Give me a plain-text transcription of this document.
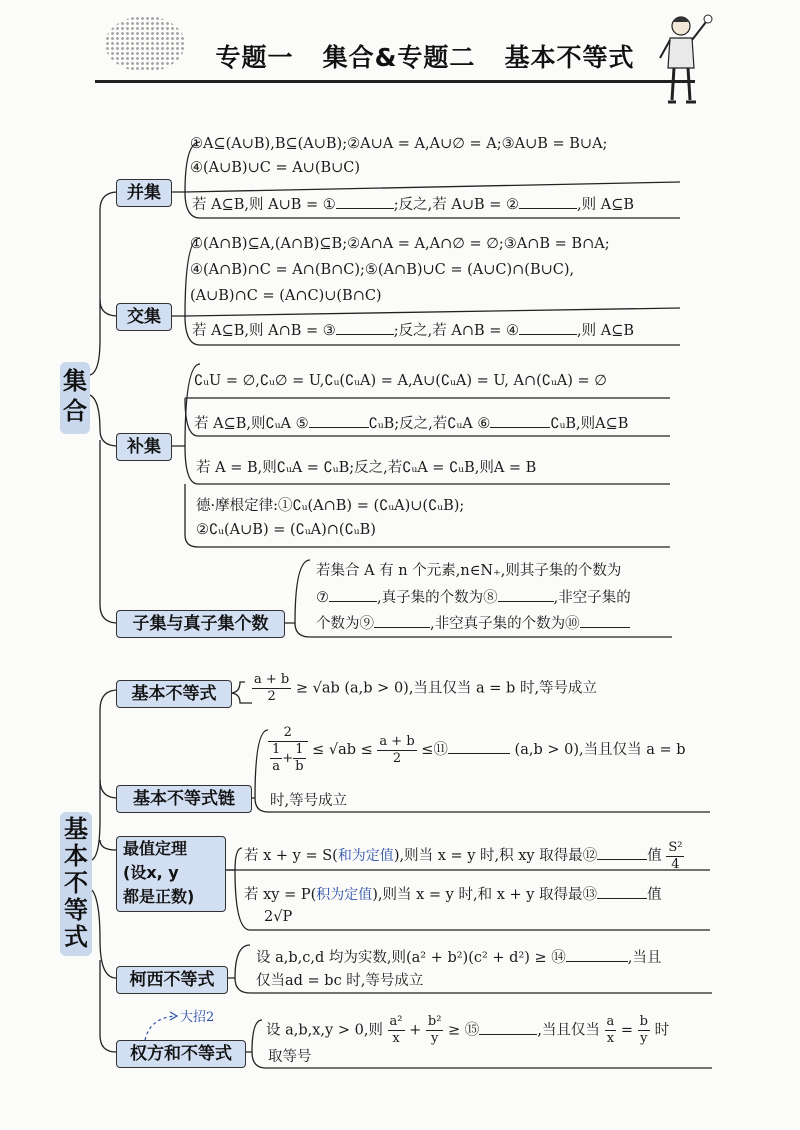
专题一   集合&专题二   基本不等式
集合
并集
①A⊆(A∪B),B⊆(A∪B);②A∪A = A,A∪∅ = A;③A∪B = B∪A;
④(A∪B)∪C = A∪(B∪C)
若 A⊆B,则 A∪B = ①	;反之,若 A∪B = ②	,则 A⊆B
交集
①(A∩B)⊆A,(A∩B)⊆B;②A∩A = A,A∩∅ = ∅;③A∩B = B∩A;
④(A∩B)∩C = A∩(B∩C);⑤(A∩B)∪C = (A∪C)∩(B∪C),
(A∪B)∩C = (A∩C)∪(B∩C)
若 A⊆B,则 A∩B = ③	;反之,若 A∩B = ④	,则 A⊆B
补集
∁ᵤU = ∅,∁ᵤ∅ = U,∁ᵤ(∁ᵤA) = A,A∪(∁ᵤA) = U, A∩(∁ᵤA) = ∅
若 A⊆B,则∁ᵤA ⑤	∁ᵤB;反之,若∁ᵤA ⑥	∁ᵤB,则A⊆B
若 A = B,则∁ᵤA = ∁ᵤB;反之,若∁ᵤA = ∁ᵤB,则A = B
德·摩根定律:①∁ᵤ(A∩B) = (∁ᵤA)∪(∁ᵤB);
②∁ᵤ(A∪B) = (∁ᵤA)∩(∁ᵤB)
子集与真子集个数
若集合 A 有 n 个元素,n∈N₊,则其子集的个数为
⑦	,真子集的个数为⑧	,非空子集的
个数为⑨	,非空真子集的个数为⑩
基本不等式
基本不等式	$\frac{a + b}{2} \ge √ab$ (a,b > 0),当且仅当 a = b 时,等号成立
基本不等式链
$\frac{2}{\frac{1}{a} + \frac{1}{b}} \le √ab \le \frac{a + b}{2}$ ≤⑪	(a,b > 0),当且仅当 a = b
时,等号成立
最值定理
(设x, y
都是正数)
若 x + y = S(和为定值),则当 x = y 时,积 xy 取得最⑫	值 $\frac{\text{S²}}{4}$
若 xy = P(积为定值),则当 x = y 时,和 x + y 取得最⑬	值
2√P
柯西不等式
设 a,b,c,d 均为实数,则(a² + b²)(c² + d²) ≥ ⑭	,当且
仅当ad = bc 时,等号成立
大招2
权方和不等式
设 a,b,x,y > 0,则 $\frac{\text{a²}}{x} + \frac{\text{b²}}{y}$ ≥ ⑮	,当且仅当 $\frac{a}{x} = \frac{b}{y}$ 时
取等号
